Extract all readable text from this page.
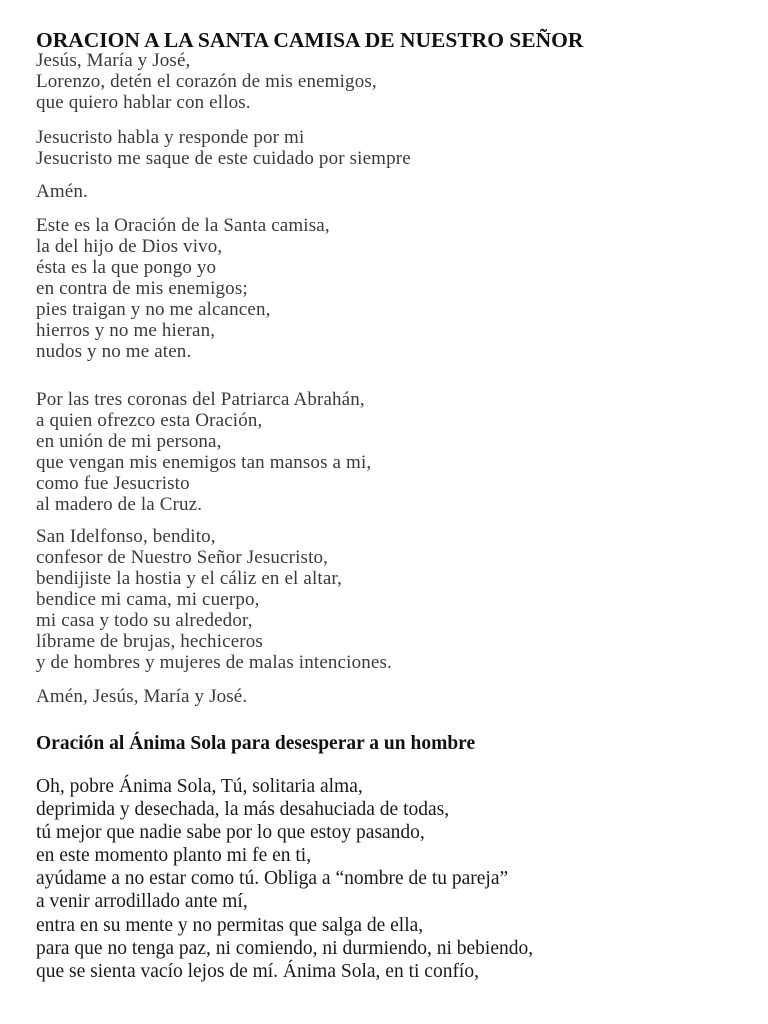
ORACION A LA SANTA CAMISA DE NUESTRO SEÑOR
Jesús, María y José,
Lorenzo, detén el corazón de mis enemigos,
que quiero hablar con ellos.
Jesucristo habla y responde por mi
Jesucristo me saque de este cuidado por siempre
Amén.
Este es la Oración de la Santa camisa,
la del hijo de Dios vivo,
ésta es la que pongo yo
en contra de mis enemigos;
pies traigan y no me alcancen,
hierros y no me hieran,
nudos y no me aten.
Por las tres coronas del Patriarca Abrahán,
a quien ofrezco esta Oración,
en unión de mi persona,
que vengan mis enemigos tan mansos a mi,
como fue Jesucristo
al madero de la Cruz.
San Idelfonso, bendito,
confesor de Nuestro Señor Jesucristo,
bendijiste la hostia y el cáliz en el altar,
bendice mi cama, mi cuerpo,
mi casa y todo su alrededor,
líbrame de brujas, hechiceros
y de hombres y mujeres de malas intenciones.
Amén, Jesús, María y José.
Oración al Ánima Sola para desesperar a un hombre
Oh, pobre Ánima Sola, Tú, solitaria alma,
deprimida y desechada, la más desahuciada de todas,
tú mejor que nadie sabe por lo que estoy pasando,
en este momento planto mi fe en ti,
ayúdame a no estar como tú. Obliga a “nombre de tu pareja”
a venir arrodillado ante mí,
entra en su mente y no permitas que salga de ella,
para que no tenga paz, ni comiendo, ni durmiendo, ni bebiendo,
que se sienta vacío lejos de mí. Ánima Sola, en ti confío,
